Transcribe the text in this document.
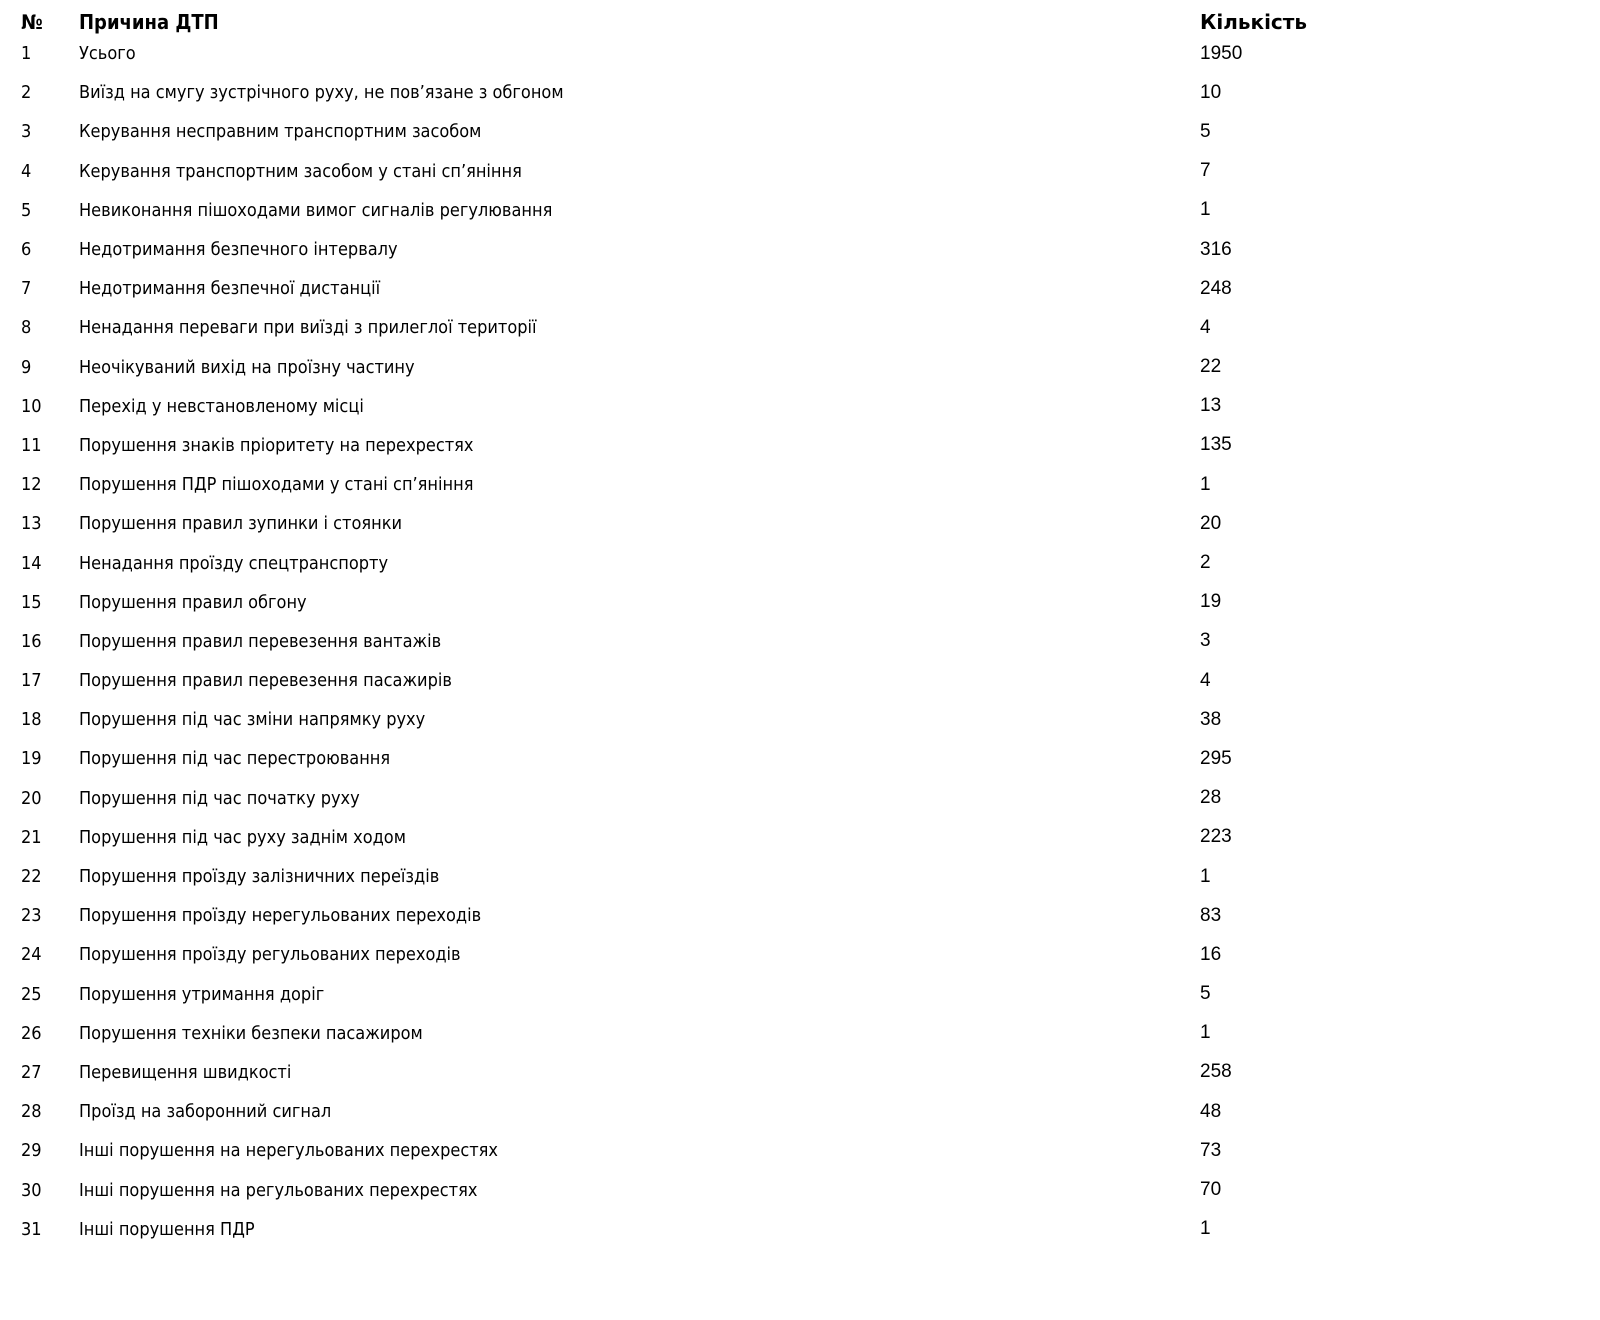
№	Причина ДТП	Кількість
1	Усього	1950
2	Виїзд на смугу зустрічного руху, не пов’язане з обгоном	10
3	Керування несправним транспортним засобом	5
4	Керування транспортним засобом у стані сп’яніння	7
5	Невиконання пішоходами вимог сигналів регулювання	1
6	Недотримання безпечного інтервалу	316
7	Недотримання безпечної дистанції	248
8	Ненадання переваги при виїзді з прилеглої території	4
9	Неочікуваний вихід на проїзну частину	22
10	Перехід у невстановленому місці	13
11	Порушення знаків пріоритету на перехрестях	135
12	Порушення ПДР пішоходами у стані сп’яніння	1
13	Порушення правил зупинки і стоянки	20
14	Ненадання проїзду спецтранспорту	2
15	Порушення правил обгону	19
16	Порушення правил перевезення вантажів	3
17	Порушення правил перевезення пасажирів	4
18	Порушення під час зміни напрямку руху	38
19	Порушення під час перестроювання	295
20	Порушення під час початку руху	28
21	Порушення під час руху заднім ходом	223
22	Порушення проїзду залізничних переїздів	1
23	Порушення проїзду нерегульованих переходів	83
24	Порушення проїзду регульованих переходів	16
25	Порушення утримання доріг	5
26	Порушення техніки безпеки пасажиром	1
27	Перевищення швидкості	258
28	Проїзд на заборонний сигнал	48
29	Інші порушення на нерегульованих перехрестях	73
30	Інші порушення на регульованих перехрестях	70
31	Інші порушення ПДР	1
